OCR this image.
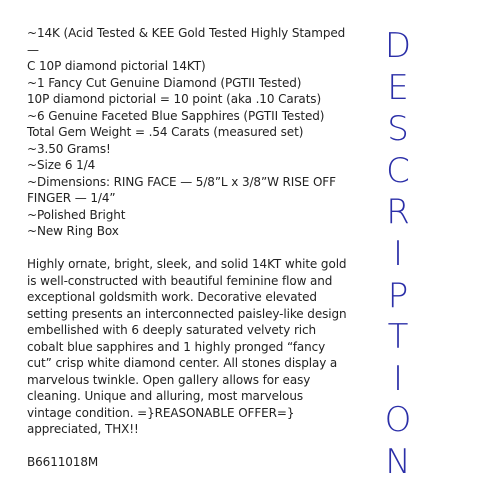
~14K (Acid Tested & KEE Gold Tested Highly Stamped
—
C 10P diamond pictorial 14KT)
~1 Fancy Cut Genuine Diamond (PGTII Tested)
10P diamond pictorial = 10 point (aka .10 Carats)
~6 Genuine Faceted Blue Sapphires (PGTII Tested)
Total Gem Weight = .54 Carats (measured set)
~3.50 Grams!
~Size 6 1/4
~Dimensions: RING FACE — 5/8”L x 3/8”W RISE OFF
FINGER — 1/4”
~Polished Bright
~New Ring Box
Highly ornate, bright, sleek, and solid 14KT white gold
is well-constructed with beautiful feminine flow and
exceptional goldsmith work. Decorative elevated
setting presents an interconnected paisley-like design
embellished with 6 deeply saturated velvety rich
cobalt blue sapphires and 1 highly pronged “fancy
cut” crisp white diamond center. All stones display a
marvelous twinkle. Open gallery allows for easy
cleaning. Unique and alluring, most marvelous
vintage condition. =}REASONABLE OFFER=}
appreciated, THX!!
B6611018M
D
E
S
C
R
I
P
T
I
O
N
